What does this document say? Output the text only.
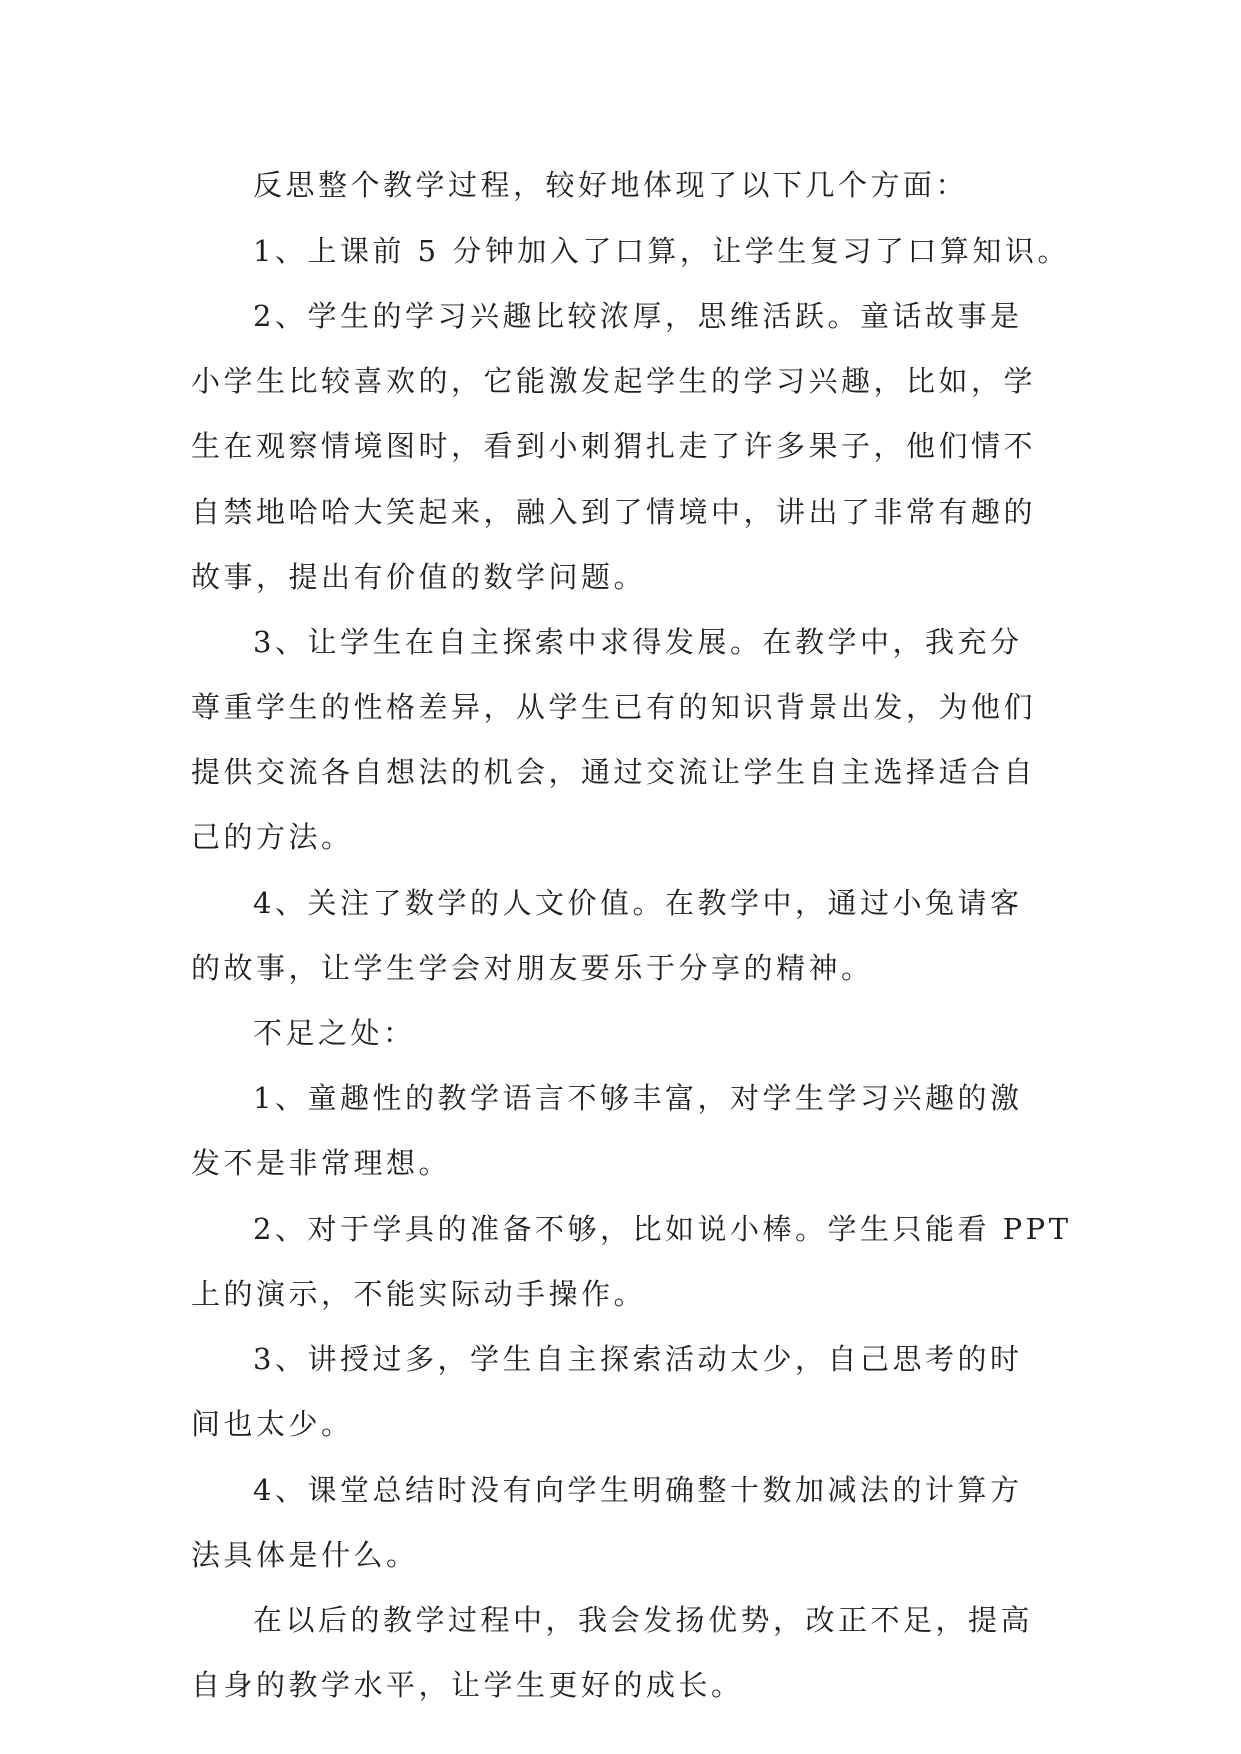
反思整个教学过程，较好地体现了以下几个方面：

1、上课前 5 分钟加入了口算，让学生复习了口算知识。

2、学生的学习兴趣比较浓厚，思维活跃。童话故事是

小学生比较喜欢的，它能激发起学生的学习兴趣，比如，学

生在观察情境图时，看到小刺猬扎走了许多果子，他们情不

自禁地哈哈大笑起来，融入到了情境中，讲出了非常有趣的

故事，提出有价值的数学问题。

3、让学生在自主探索中求得发展。在教学中，我充分

尊重学生的性格差异，从学生已有的知识背景出发，为他们

提供交流各自想法的机会，通过交流让学生自主选择适合自

己的方法。

4、关注了数学的人文价值。在教学中，通过小兔请客

的故事，让学生学会对朋友要乐于分享的精神。

不足之处：

1、童趣性的教学语言不够丰富，对学生学习兴趣的激

发不是非常理想。

2、对于学具的准备不够，比如说小棒。学生只能看 PPT

上的演示，不能实际动手操作。

3、讲授过多，学生自主探索活动太少，自己思考的时

间也太少。

4、课堂总结时没有向学生明确整十数加减法的计算方

法具体是什么。

在以后的教学过程中，我会发扬优势，改正不足，提高

自身的教学水平，让学生更好的成长。
